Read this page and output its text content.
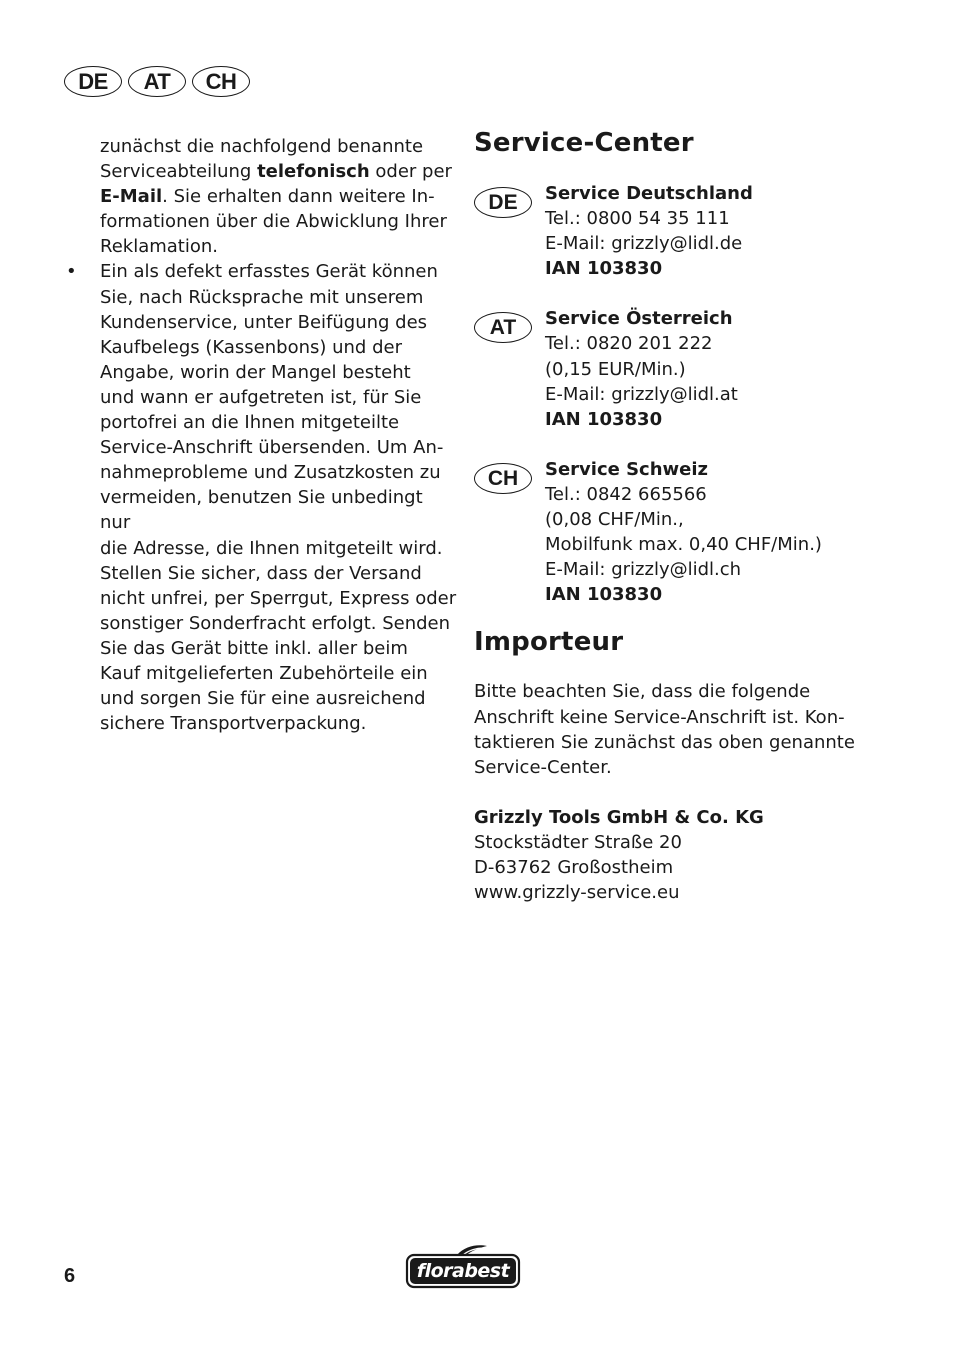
DE	AT	CH
zunächst die nachfolgend benannte
Serviceabteilung telefonisch oder per
E-Mail. Sie erhalten dann weitere In-
formationen über die Abwicklung Ihrer
Reklamation.
• Ein als defekt erfasstes Gerät können
Sie, nach Rücksprache mit unserem
Kundenservice, unter Beifügung des
Kaufbelegs (Kassenbons) und der
Angabe, worin der Mangel besteht
und wann er aufgetreten ist, für Sie
portofrei an die Ihnen mitgeteilte
Service-Anschrift übersenden. Um An-
nahmeprobleme und Zusatzkosten zu
vermeiden, benutzen Sie unbedingt nur
die Adresse, die Ihnen mitgeteilt wird.
Stellen Sie sicher, dass der Versand
nicht unfrei, per Sperrgut, Express oder
sonstiger Sonderfracht erfolgt. Senden
Sie das Gerät bitte inkl. aller beim
Kauf mitgelieferten Zubehörteile ein
und sorgen Sie für eine ausreichend
sichere Transportverpackung.
Service-Center
DE	Service Deutschland
Tel.: 0800 54 35 111
E-Mail: grizzly@lidl.de
IAN 103830
AT	Service Österreich
Tel.: 0820 201 222
(0,15 EUR/Min.)
E-Mail: grizzly@lidl.at
IAN 103830
CH	Service Schweiz
Tel.: 0842 665566
(0,08 CHF/Min.,
Mobilfunk max. 0,40 CHF/Min.)
E-Mail: grizzly@lidl.ch
IAN 103830
Importeur
Bitte beachten Sie, dass die folgende
Anschrift keine Service-Anschrift ist. Kon-
taktieren Sie zunächst das oben genannte
Service-Center.
Grizzly Tools GmbH & Co. KG
Stockstädter Straße 20
D-63762 Großostheim
www.grizzly-service.eu
6	florabest
